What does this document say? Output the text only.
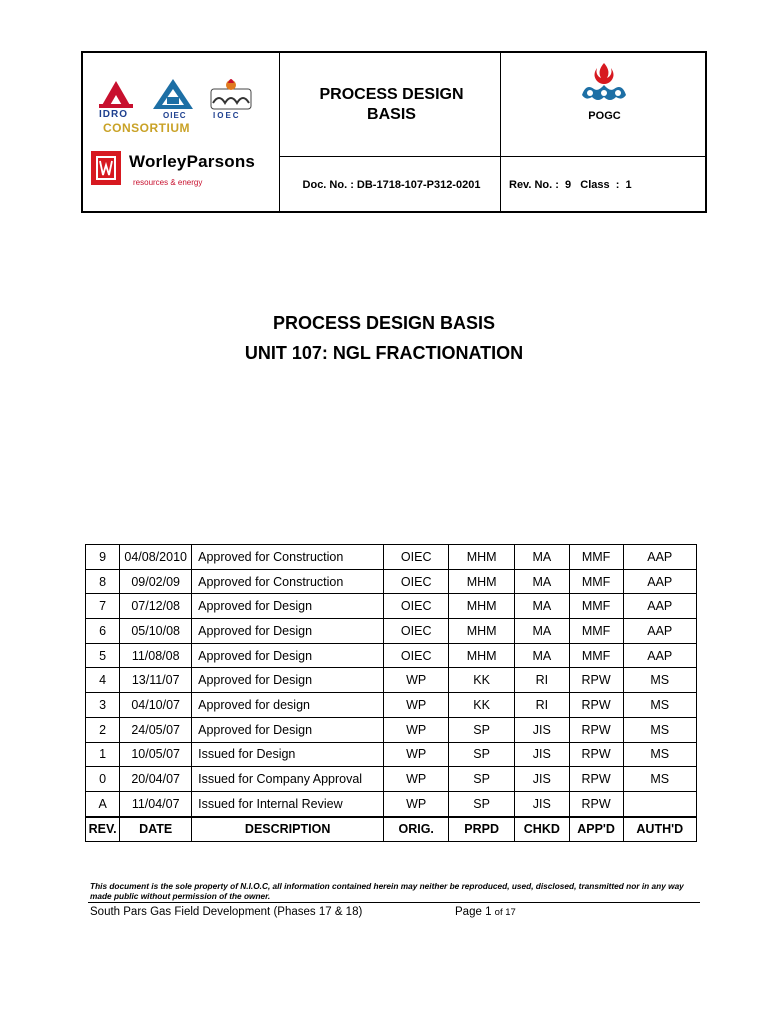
IDRO	OIEC	IOEC
CONSORTIUM
WorleyParsons
resources & energy
PROCESS DESIGN
BASIS	POGC
Doc. No. : DB-1718-107-P312-0201	Rev. No. :  9   Class  :  1
PROCESS DESIGN BASIS
UNIT 107: NGL FRACTIONATION
9	04/08/2010	Approved for Construction	OIEC	MHM	MA	MMF	AAP
8	09/02/09	Approved for Construction	OIEC	MHM	MA	MMF	AAP
7	07/12/08	Approved for Design	OIEC	MHM	MA	MMF	AAP
6	05/10/08	Approved for Design	OIEC	MHM	MA	MMF	AAP
5	11/08/08	Approved for Design	OIEC	MHM	MA	MMF	AAP
4	13/11/07	Approved for Design	WP	KK	RI	RPW	MS
3	04/10/07	Approved for design	WP	KK	RI	RPW	MS
2	24/05/07	Approved for Design	WP	SP	JIS	RPW	MS
1	10/05/07	Issued for Design	WP	SP	JIS	RPW	MS
0	20/04/07	Issued for Company Approval	WP	SP	JIS	RPW	MS
A	11/04/07	Issued for Internal Review	WP	SP	JIS	RPW	
REV.	DATE	DESCRIPTION	ORIG.	PRPD	CHKD	APP'D	AUTH'D
This document is the sole property of N.I.O.C, all information contained herein may neither be reproduced, used, disclosed, transmitted nor in any way made public without permission of the owner.
South Pars Gas Field Development (Phases 17 & 18)	Page 1 of 17
